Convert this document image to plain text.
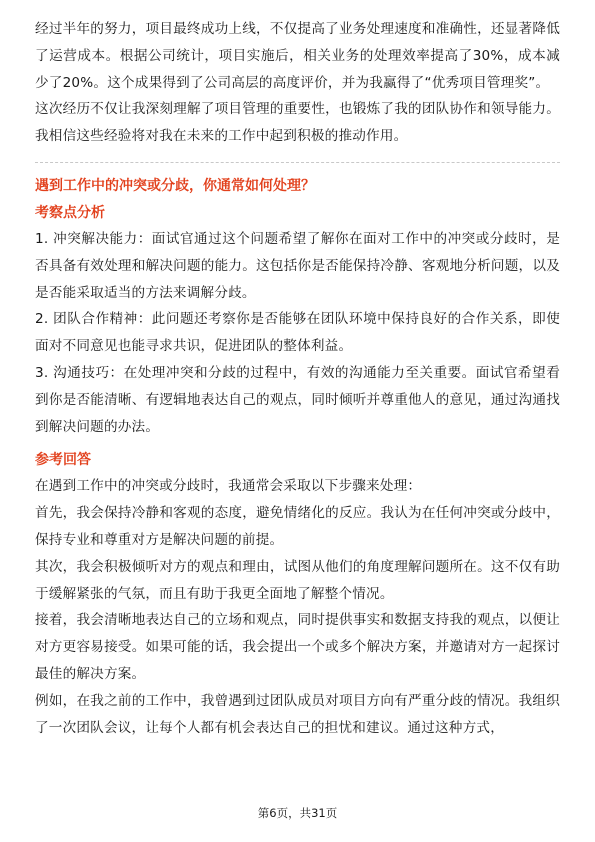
经过半年的努力，项目最终成功上线，不仅提高了业务处理速度和准确性，还显著降低了运营成本。根据公司统计，项目实施后，相关业务的处理效率提高了30%，成本减少了20%。这个成果得到了公司高层的高度评价，并为我赢得了“优秀项目管理奖”。

这次经历不仅让我深刻理解了项目管理的重要性，也锻炼了我的团队协作和领导能力。我相信这些经验将对我在未来的工作中起到积极的推动作用。

遇到工作中的冲突或分歧，你通常如何处理？
考察点分析

1. 冲突解决能力：面试官通过这个问题希望了解你在面对工作中的冲突或分歧时，是否具备有效处理和解决问题的能力。这包括你是否能保持冷静、客观地分析问题，以及是否能采取适当的方法来调解分歧。

2. 团队合作精神：此问题还考察你是否能够在团队环境中保持良好的合作关系，即使面对不同意见也能寻求共识，促进团队的整体利益。

3. 沟通技巧：在处理冲突和分歧的过程中，有效的沟通能力至关重要。面试官希望看到你是否能清晰、有逻辑地表达自己的观点，同时倾听并尊重他人的意见，通过沟通找到解决问题的办法。

参考回答

在遇到工作中的冲突或分歧时，我通常会采取以下步骤来处理：

首先，我会保持冷静和客观的态度，避免情绪化的反应。我认为在任何冲突或分歧中，保持专业和尊重对方是解决问题的前提。

其次，我会积极倾听对方的观点和理由，试图从他们的角度理解问题所在。这不仅有助于缓解紧张的气氛，而且有助于我更全面地了解整个情况。

接着，我会清晰地表达自己的立场和观点，同时提供事实和数据支持我的观点，以便让对方更容易接受。如果可能的话，我会提出一个或多个解决方案，并邀请对方一起探讨最佳的解决方案。

例如，在我之前的工作中，我曾遇到过团队成员对项目方向有严重分歧的情况。我组织了一次团队会议，让每个人都有机会表达自己的担忧和建议。通过这种方式，

第6页，共31页
